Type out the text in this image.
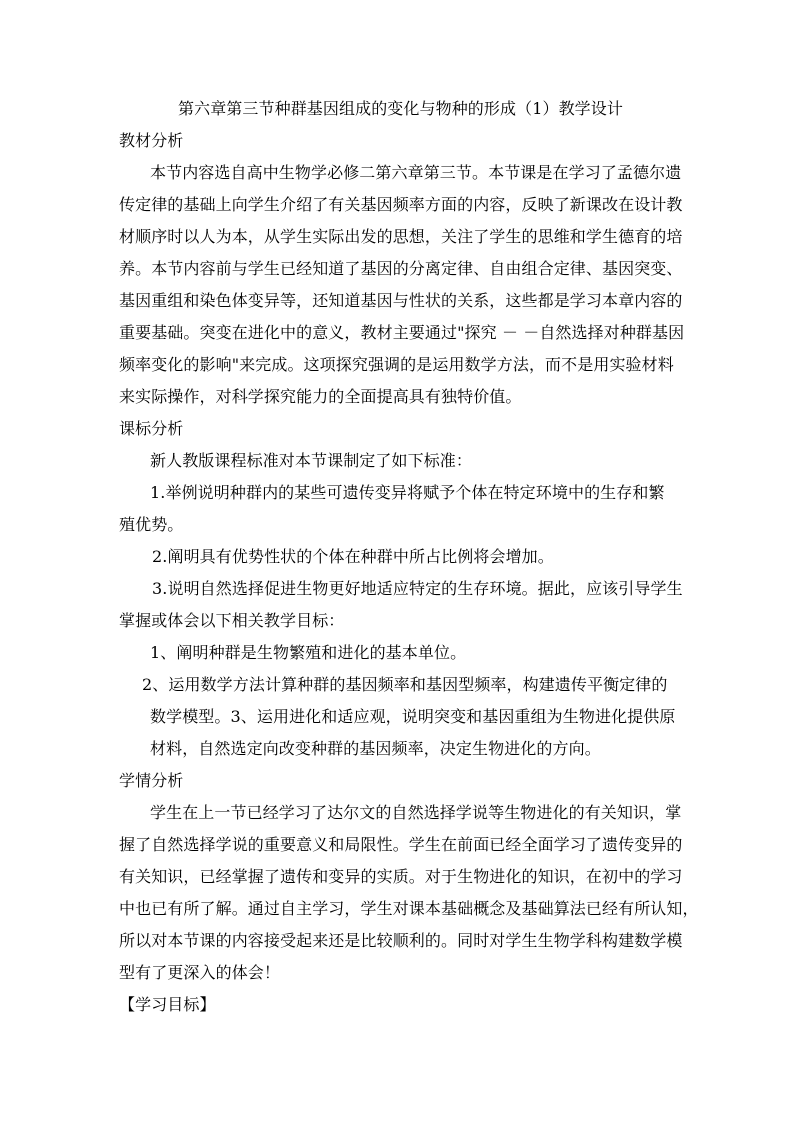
第六章第三节种群基因组成的变化与物种的形成（1）教学设计
教材分析
本节内容选自高中生物学必修二第六章第三节。本节课是在学习了孟德尔遗
传定律的基础上向学生介绍了有关基因频率方面的内容，反映了新课改在设计教
材顺序时以人为本，从学生实际出发的思想，关注了学生的思维和学生德育的培
养。本节内容前与学生已经知道了基因的分离定律、自由组合定律、基因突变、
基因重组和染色体变异等，还知道基因与性状的关系，这些都是学习本章内容的
重要基础。突变在进化中的意义，教材主要通过"探究 － －自然选择对种群基因
频率变化的影响"来完成。这项探究强调的是运用数学方法，而不是用实验材料
来实际操作，对科学探究能力的全面提高具有独特价值。
课标分析
新人教版课程标准对本节课制定了如下标准：
1.举例说明种群内的某些可遗传变异将赋予个体在特定环境中的生存和繁
殖优势。
2.阐明具有优势性状的个体在种群中所占比例将会增加。
3.说明自然选择促进生物更好地适应特定的生存环境。据此，应该引导学生
掌握或体会以下相关教学目标：
1、阐明种群是生物繁殖和进化的基本单位。
2、运用数学方法计算种群的基因频率和基因型频率，构建遗传平衡定律的
数学模型。3、运用进化和适应观，说明突变和基因重组为生物进化提供原
材料，自然选定向改变种群的基因频率，决定生物进化的方向。
学情分析
学生在上一节已经学习了达尔文的自然选择学说等生物进化的有关知识，掌
握了自然选择学说的重要意义和局限性。学生在前面已经全面学习了遗传变异的
有关知识，已经掌握了遗传和变异的实质。对于生物进化的知识，在初中的学习
中也已有所了解。通过自主学习，学生对课本基础概念及基础算法已经有所认知，
所以对本节课的内容接受起来还是比较顺利的。同时对学生生物学科构建数学模
型有了更深入的体会！
【学习目标】
